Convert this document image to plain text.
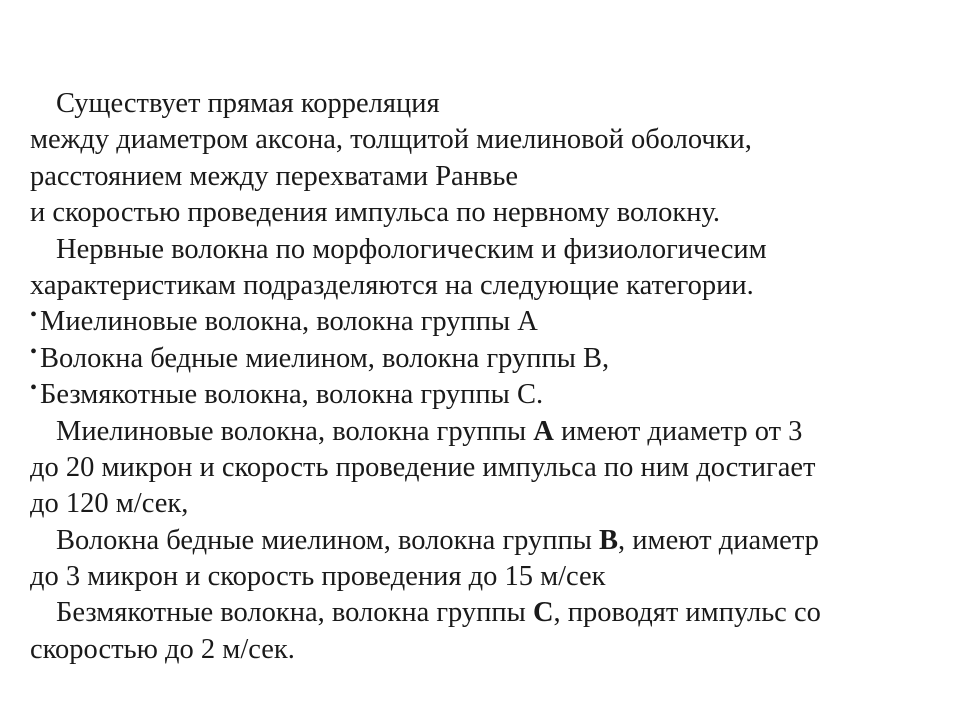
Существует прямая корреляция
между диаметром аксона, толщитой миелиновой оболочки,
расстоянием между перехватами Ранвье
и скоростью проведения импульса по нервному волокну.
Нервные волокна по морфологическим и физиологичесим
характеристикам подразделяются на следующие категории.
• Миелиновые волокна, волокна группы А
• Волокна бедные миелином, волокна группы В,
• Безмякотные волокна, волокна группы С.
Миелиновые волокна, волокна группы А имеют диаметр от 3
до 20 микрон и скорость проведение импульса по ним достигает
до 120 м/сек,
Волокна бедные миелином, волокна группы В, имеют диаметр
до 3 микрон и скорость проведения до 15 м/сек
Безмякотные волокна, волокна группы С, проводят импульс со
скоростью до 2 м/сек.
